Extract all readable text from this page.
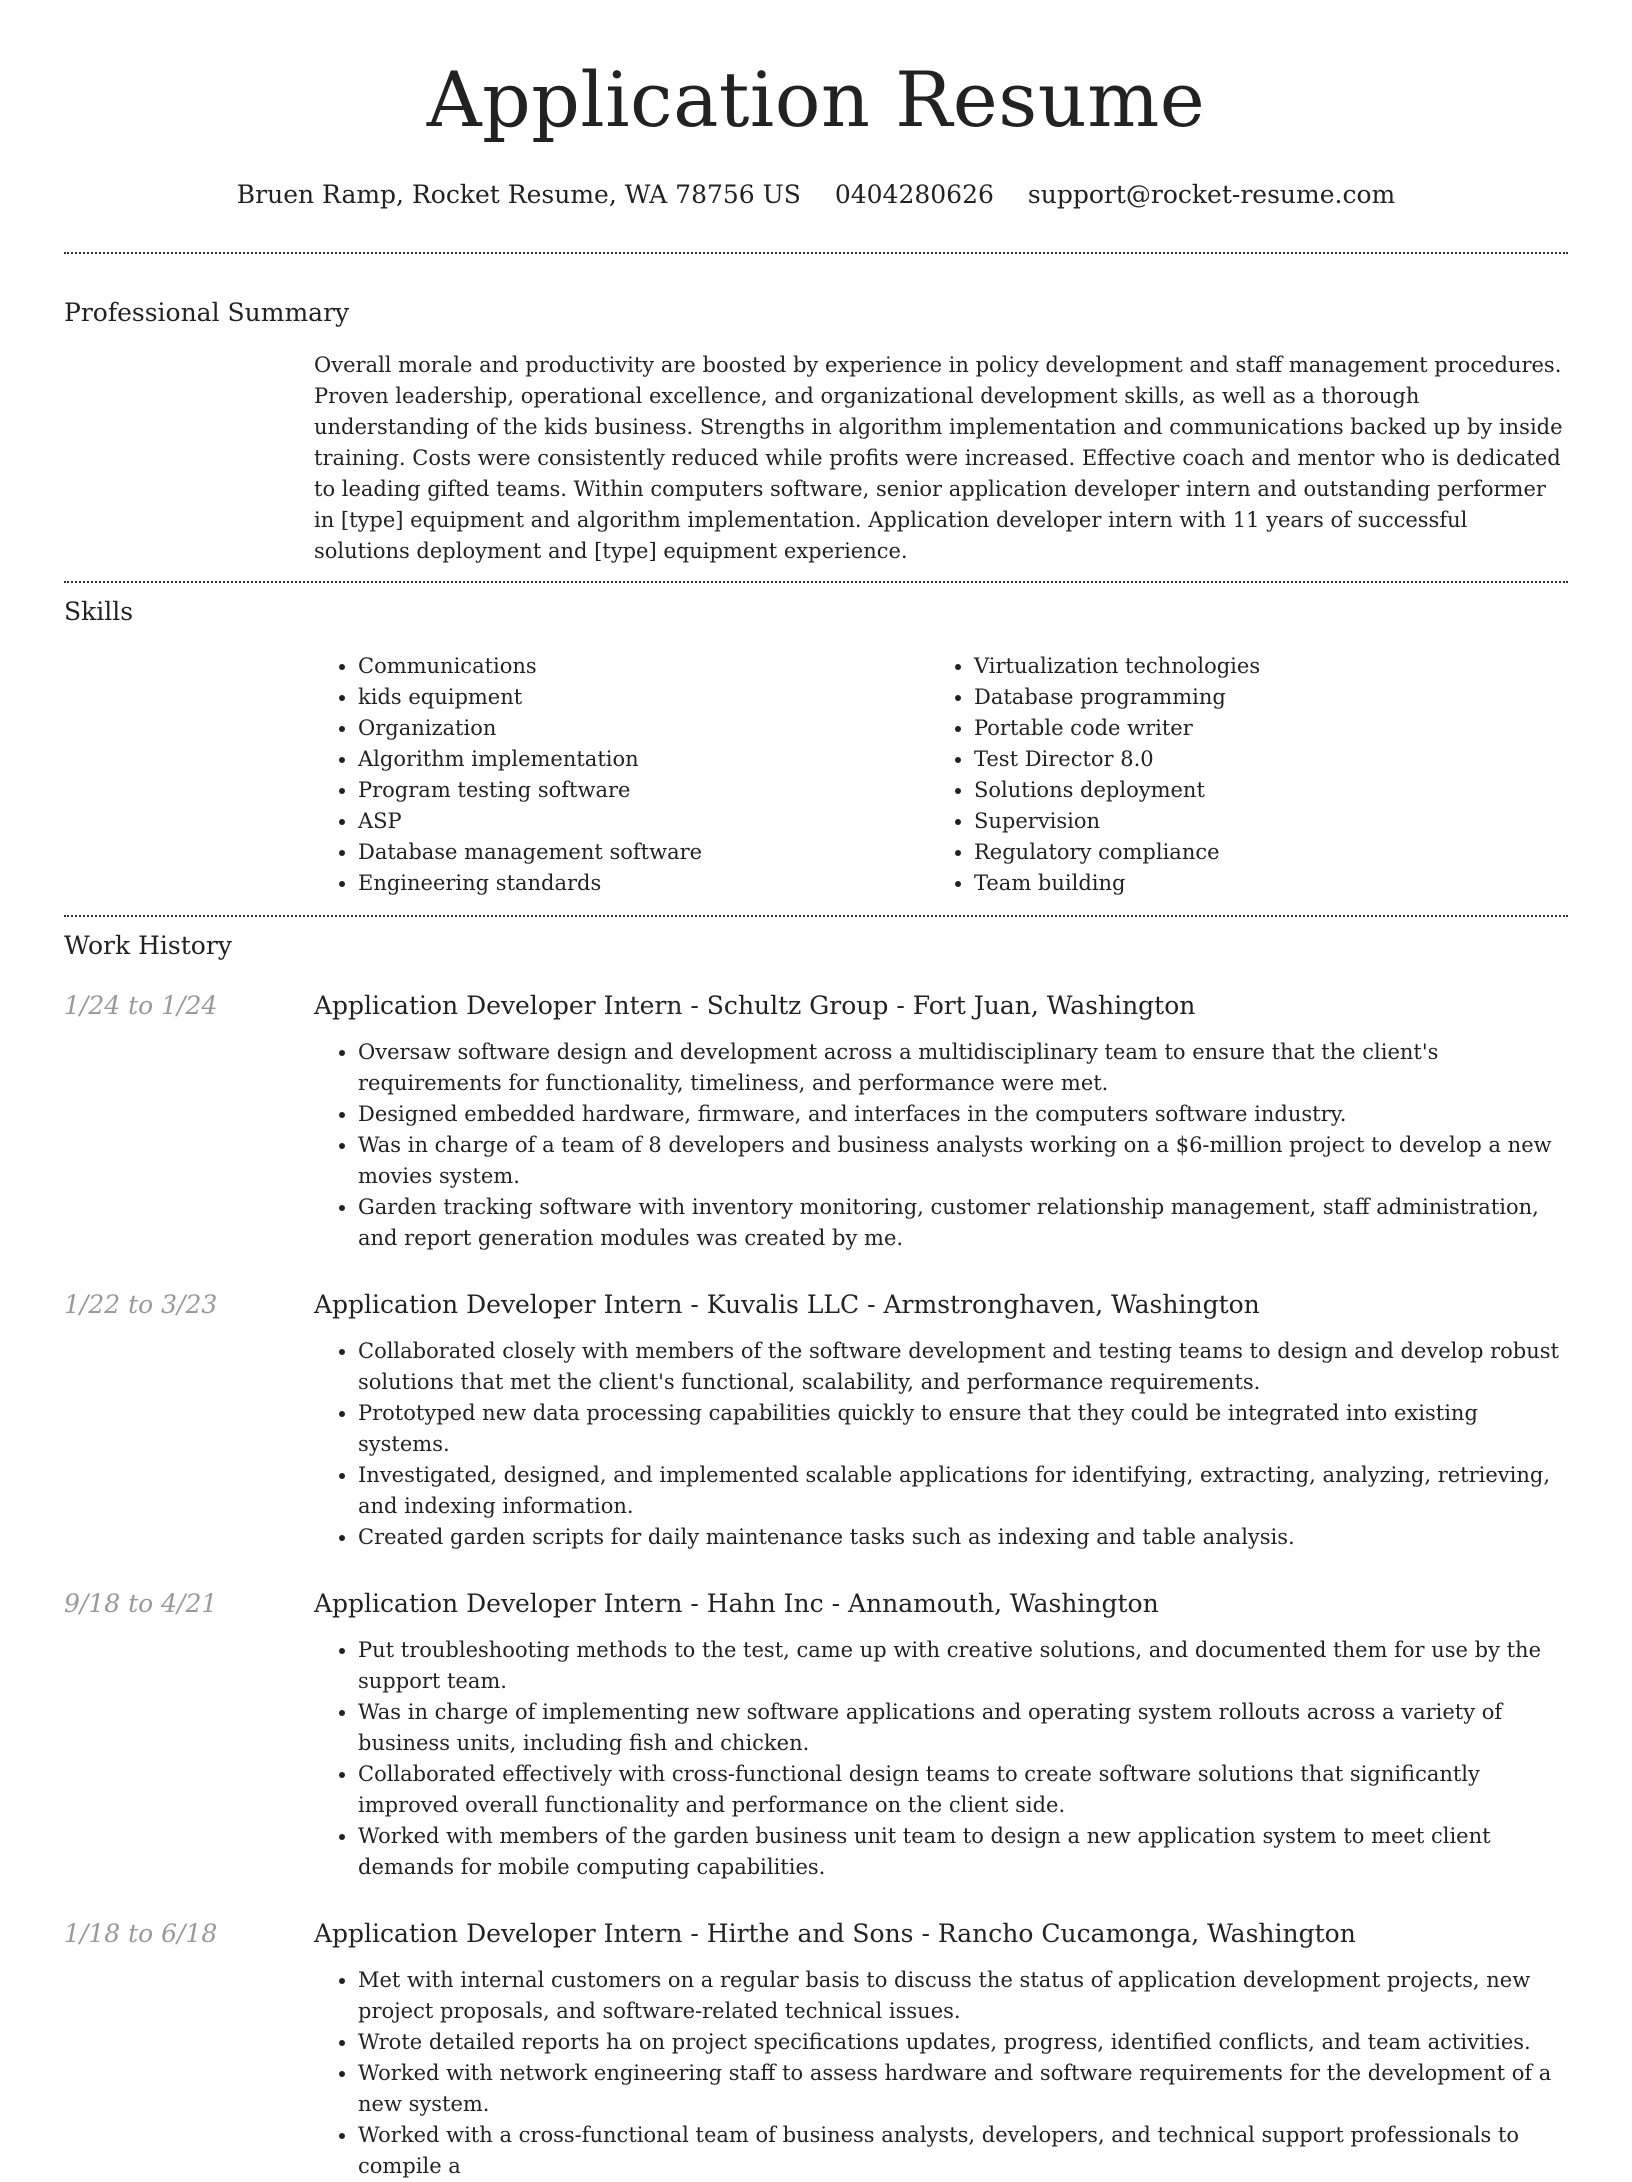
Application Resume
Bruen Ramp, Rocket Resume, WA 78756 US 0404280626 support@rocket-resume.com
Professional Summary

Overall morale and productivity are boosted by experience in policy development and staff management procedures. Proven leadership, operational excellence, and organizational development skills, as well as a thorough understanding of the kids business. Strengths in algorithm implementation and communications backed up by inside training. Costs were consistently reduced while profits were increased. Effective coach and mentor who is dedicated to leading gifted teams. Within computers software, senior application developer intern and outstanding performer in [type] equipment and algorithm implementation. Application developer intern with 11 years of successful solutions deployment and [type] equipment experience.

Skills
• Communications
• kids equipment
• Organization
• Algorithm implementation
• Program testing software
• ASP
• Database management software
• Engineering standards
• Virtualization technologies
• Database programming
• Portable code writer
• Test Director 8.0
• Solutions deployment
• Supervision
• Regulatory compliance
• Team building
Work History
1/24 to 1/24	Application Developer Intern - Schultz Group - Fort Juan, Washington
• Oversaw software design and development across a multidisciplinary team to ensure that the client's requirements for functionality, timeliness, and performance were met.
• Designed embedded hardware, firmware, and interfaces in the computers software industry.
• Was in charge of a team of 8 developers and business analysts working on a $6-million project to develop a new movies system.
• Garden tracking software with inventory monitoring, customer relationship management, staff administration, and report generation modules was created by me.
1/22 to 3/23	Application Developer Intern - Kuvalis LLC - Armstronghaven, Washington
• Collaborated closely with members of the software development and testing teams to design and develop robust solutions that met the client's functional, scalability, and performance requirements.
• Prototyped new data processing capabilities quickly to ensure that they could be integrated into existing systems.
• Investigated, designed, and implemented scalable applications for identifying, extracting, analyzing, retrieving, and indexing information.
• Created garden scripts for daily maintenance tasks such as indexing and table analysis.
9/18 to 4/21	Application Developer Intern - Hahn Inc - Annamouth, Washington
• Put troubleshooting methods to the test, came up with creative solutions, and documented them for use by the support team.
• Was in charge of implementing new software applications and operating system rollouts across a variety of business units, including fish and chicken.
• Collaborated effectively with cross-functional design teams to create software solutions that significantly improved overall functionality and performance on the client side.
• Worked with members of the garden business unit team to design a new application system to meet client demands for mobile computing capabilities.
1/18 to 6/18	Application Developer Intern - Hirthe and Sons - Rancho Cucamonga, Washington
• Met with internal customers on a regular basis to discuss the status of application development projects, new project proposals, and software-related technical issues.
• Wrote detailed reports ha on project specifications updates, progress, identified conflicts, and team activities.
• Worked with network engineering staff to assess hardware and software requirements for the development of a new system.
• Worked with a cross-functional team of business analysts, developers, and technical support professionals to compile a
